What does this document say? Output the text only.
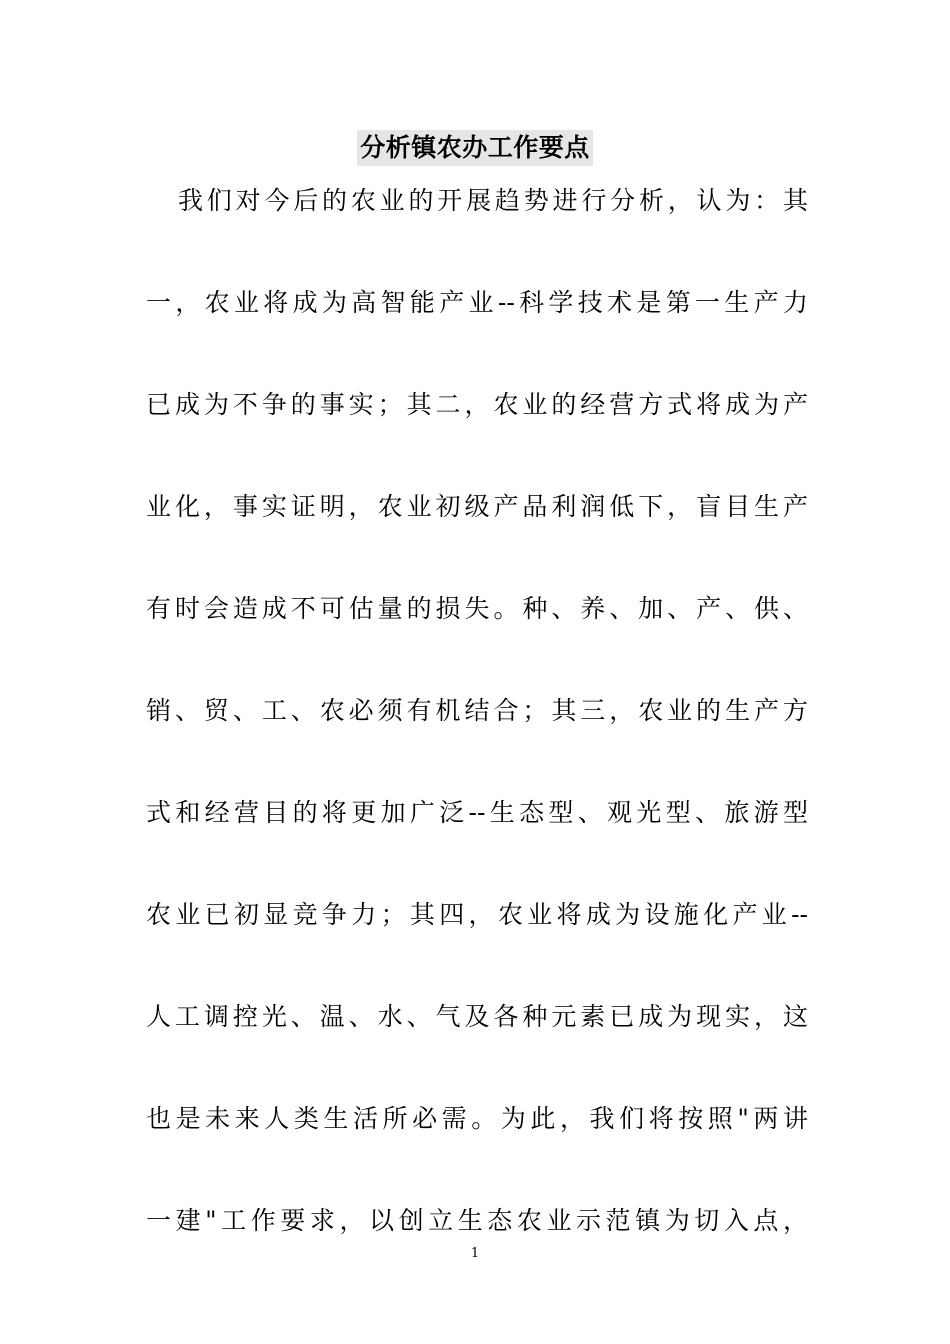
分析镇农办工作要点
我们对今后的农业的开展趋势进行分析，认为：其
一，农业将成为高智能产业--科学技术是第一生产力
已成为不争的事实；其二，农业的经营方式将成为产
业化，事实证明，农业初级产品利润低下，盲目生产
有时会造成不可估量的损失。种、养、加、产、供、
销、贸、工、农必须有机结合；其三，农业的生产方
式和经营目的将更加广泛--生态型、观光型、旅游型
农业已初显竞争力；其四，农业将成为设施化产业--
人工调控光、温、水、气及各种元素已成为现实，这
也是未来人类生活所必需。为此，我们将按照"两讲
一建"工作要求，以创立生态农业示范镇为切入点，
1
